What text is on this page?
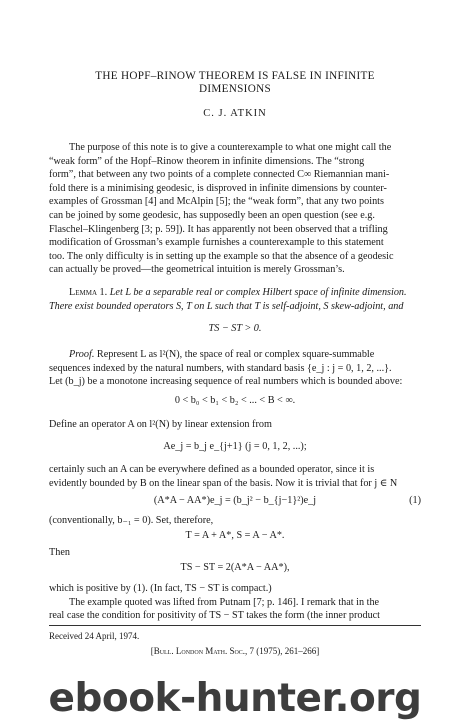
THE HOPF–RINOW THEOREM IS FALSE IN INFINITE
DIMENSIONS
C. J. ATKIN
The purpose of this note is to give a counterexample to what one might call the
“weak form” of the Hopf–Rinow theorem in infinite dimensions. The “strong
form”, that between any two points of a complete connected C∞ Riemannian mani-
fold there is a minimising geodesic, is disproved in infinite dimensions by counter-
examples of Grossman [4] and McAlpin [5]; the “weak form”, that any two points
can be joined by some geodesic, has supposedly been an open question (see e.g.
Flaschel–Klingenberg [3; p. 59]). It has apparently not been observed that a trifling
modification of Grossman’s example furnishes a counterexample to this statement
too. The only difficulty is in setting up the example so that the absence of a geodesic
can actually be proved—the geometrical intuition is merely Grossman’s.
Lemma 1. Let L be a separable real or complex Hilbert space of infinite dimension.
There exist bounded operators S, T on L such that T is self-adjoint, S skew-adjoint, and
TS − ST > 0.
Proof. Represent L as l²(N), the space of real or complex square-summable
sequences indexed by the natural numbers, with standard basis {e_j : j = 0, 1, 2, ...}.
Let (b_j) be a monotone increasing sequence of real numbers which is bounded above:
0 < b₀ < b₁ < b₂ < ... < B < ∞.
Define an operator A on l²(N) by linear extension from
Ae_j = b_j e_{j+1} (j = 0, 1, 2, ...);
certainly such an A can be everywhere defined as a bounded operator, since it is
evidently bounded by B on the linear span of the basis. Now it is trivial that for j ∈ N
(A*A − AA*)e_j = (b_j² − b_{j−1}²)e_j	(1)
(conventionally, b₋₁ = 0). Set, therefore,
T = A + A*, S = A − A*.
Then
TS − ST = 2(A*A − AA*),
which is positive by (1). (In fact, TS − ST is compact.)
The example quoted was lifted from Putnam [7; p. 146]. I remark that in the
real case the condition for positivity of TS − ST takes the form (the inner product
Received 24 April, 1974.
[Bull. London Math. Soc., 7 (1975), 261–266]
ebook-hunter.org
